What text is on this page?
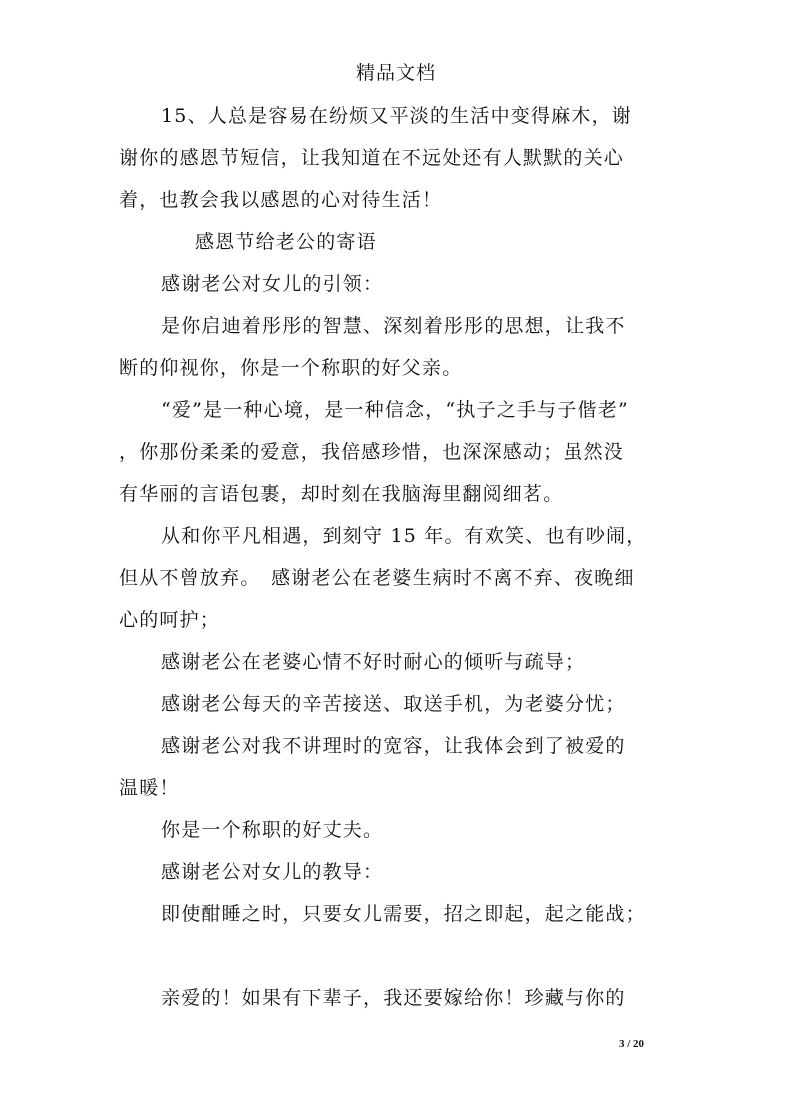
精品文档
15、人总是容易在纷烦又平淡的生活中变得麻木，谢
谢你的感恩节短信，让我知道在不远处还有人默默的关心
着，也教会我以感恩的心对待生活！
感恩节给老公的寄语
感谢老公对女儿的引领：
是你启迪着彤彤的智慧、深刻着彤彤的思想，让我不
断的仰视你，你是一个称职的好父亲。
“爱”是一种心境，是一种信念，“执子之手与子偕老”
，你那份柔柔的爱意，我倍感珍惜，也深深感动；虽然没
有华丽的言语包裹，却时刻在我脑海里翻阅细茗。
从和你平凡相遇，到刻守 15 年。有欢笑、也有吵闹，
但从不曾放弃。　感谢老公在老婆生病时不离不弃、夜晚细
心的呵护；
感谢老公在老婆心情不好时耐心的倾听与疏导；
感谢老公每天的辛苦接送、取送手机，为老婆分忧；
感谢老公对我不讲理时的宽容，让我体会到了被爱的
温暖！
你是一个称职的好丈夫。
感谢老公对女儿的教导：
即使酣睡之时，只要女儿需要，招之即起，起之能战；
亲爱的！如果有下辈子，我还要嫁给你！珍藏与你的
3 / 20
